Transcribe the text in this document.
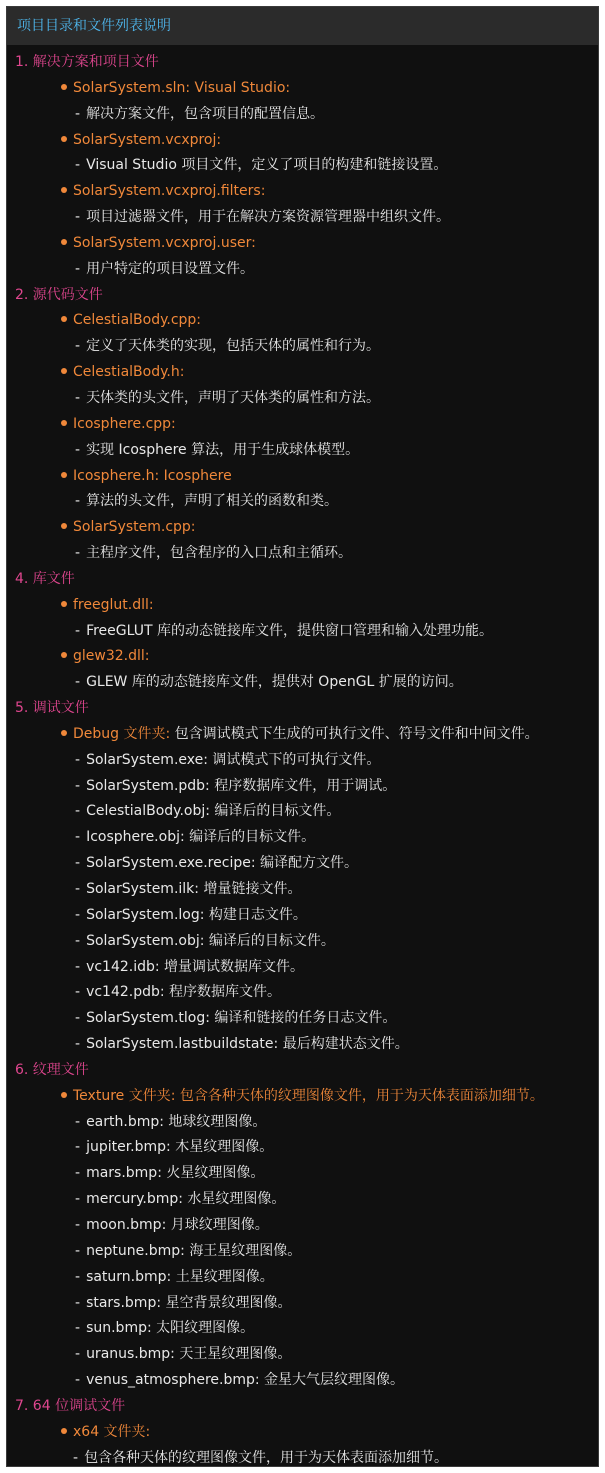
项目目录和文件列表说明
1. 解决方案和项目文件
SolarSystem.sln: Visual Studio:
- 解决方案文件，包含项目的配置信息。
SolarSystem.vcxproj:
- Visual Studio 项目文件，定义了项目的构建和链接设置。
SolarSystem.vcxproj.filters:
- 项目过滤器文件，用于在解决方案资源管理器中组织文件。
SolarSystem.vcxproj.user:
- 用户特定的项目设置文件。
2. 源代码文件
CelestialBody.cpp:
- 定义了天体类的实现，包括天体的属性和行为。
CelestialBody.h:
- 天体类的头文件，声明了天体类的属性和方法。
Icosphere.cpp:
- 实现 Icosphere 算法，用于生成球体模型。
Icosphere.h: Icosphere
- 算法的头文件，声明了相关的函数和类。
SolarSystem.cpp:
- 主程序文件，包含程序的入口点和主循环。
4. 库文件
freeglut.dll:
- FreeGLUT 库的动态链接库文件，提供窗口管理和输入处理功能。
glew32.dll:
- GLEW 库的动态链接库文件，提供对 OpenGL 扩展的访问。
5. 调试文件
Debug 文件夹: 包含调试模式下生成的可执行文件、符号文件和中间文件。
- SolarSystem.exe: 调试模式下的可执行文件。
- SolarSystem.pdb: 程序数据库文件，用于调试。
- CelestialBody.obj: 编译后的目标文件。
- Icosphere.obj: 编译后的目标文件。
- SolarSystem.exe.recipe: 编译配方文件。
- SolarSystem.ilk: 增量链接文件。
- SolarSystem.log: 构建日志文件。
- SolarSystem.obj: 编译后的目标文件。
- vc142.idb: 增量调试数据库文件。
- vc142.pdb: 程序数据库文件。
- SolarSystem.tlog: 编译和链接的任务日志文件。
- SolarSystem.lastbuildstate: 最后构建状态文件。
6. 纹理文件
Texture 文件夹: 包含各种天体的纹理图像文件，用于为天体表面添加细节。
- earth.bmp: 地球纹理图像。
- jupiter.bmp: 木星纹理图像。
- mars.bmp: 火星纹理图像。
- mercury.bmp: 水星纹理图像。
- moon.bmp: 月球纹理图像。
- neptune.bmp: 海王星纹理图像。
- saturn.bmp: 土星纹理图像。
- stars.bmp: 星空背景纹理图像。
- sun.bmp: 太阳纹理图像。
- uranus.bmp: 天王星纹理图像。
- venus_atmosphere.bmp: 金星大气层纹理图像。
7. 64 位调试文件
x64 文件夹:
- 包含各种天体的纹理图像文件，用于为天体表面添加细节。
